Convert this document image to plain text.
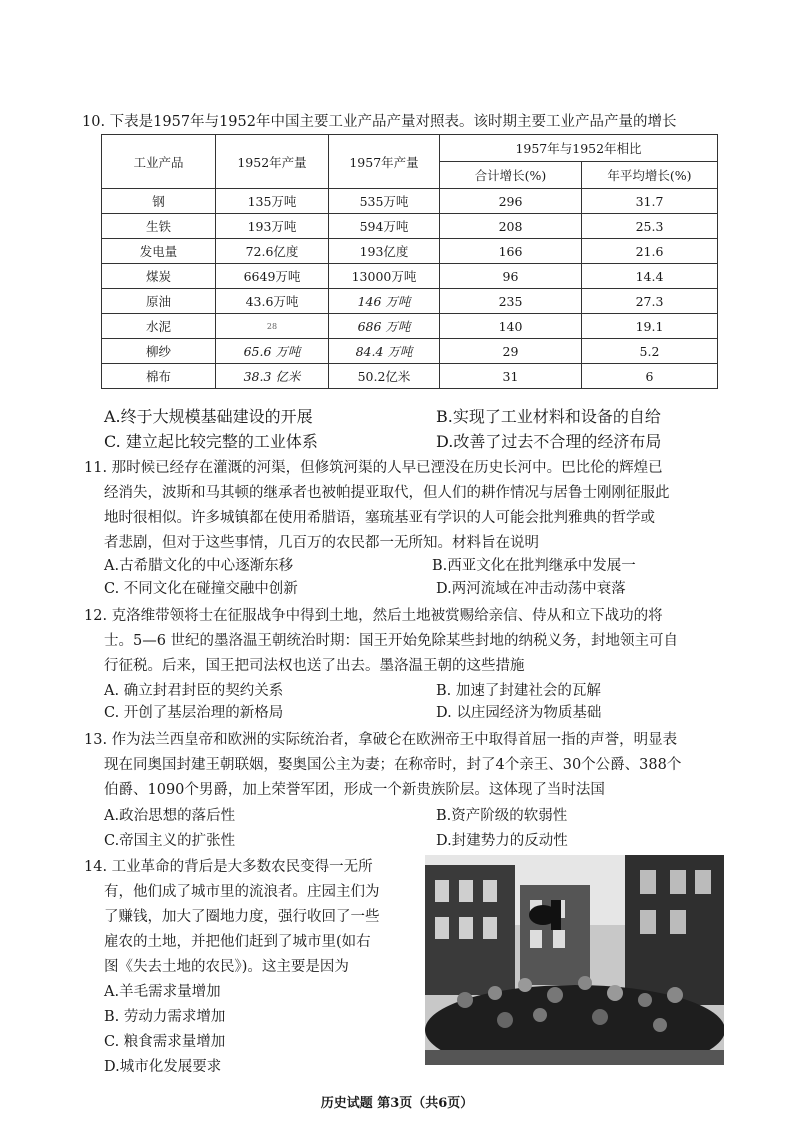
10. 下表是1957年与1952年中国主要工业产品产量对照表。该时期主要工业产品产量的增长
工业产品	1952年产量	1957年产量	1957年与1952年相比	
			合计增长(%)	年平均增长(%)
钢	135万吨	535万吨	296	31.7
生铁	193万吨	594万吨	208	25.3
发电量	72.6亿度	193亿度	166	21.6
煤炭	6649万吨	13000万吨	96	14.4
原油	43.6万吨	146 万吨	235	27.3
水泥	28	686 万吨	140	19.1
柳纱	65.6 万吨	84.4 万吨	29	5.2
棉布	38.3 亿米	50.2亿米	31	6
A.终于大规模基础建设的开展	B.实现了工业材料和设备的自给
C. 建立起比较完整的工业体系	D.改善了过去不合理的经济布局
11. 那时候已经存在灌溉的河渠，但修筑河渠的人早已湮没在历史长河中。巴比伦的辉煌已
经消失，波斯和马其顿的继承者也被帕提亚取代，但人们的耕作情况与居鲁士刚刚征服此
地时很相似。许多城镇都在使用希腊语，塞琉基亚有学识的人可能会批判雅典的哲学或
者悲剧，但对于这些事情，几百万的农民都一无所知。材料旨在说明
A.古希腊文化的中心逐渐东移	B.西亚文化在批判继承中发展一
C. 不同文化在碰撞交融中创新	D.两河流域在冲击动荡中衰落
12. 克洛维带领将士在征服战争中得到土地，然后土地被赏赐给亲信、侍从和立下战功的将
士。5—6 世纪的墨洛温王朝统治时期：国王开始免除某些封地的纳税义务，封地领主可自
行征税。后来，国王把司法权也送了出去。墨洛温王朝的这些措施
A. 确立封君封臣的契约关系	B. 加速了封建社会的瓦解
C. 开创了基层治理的新格局	D. 以庄园经济为物质基础
13. 作为法兰西皇帝和欧洲的实际统治者，拿破仑在欧洲帝王中取得首屈一指的声誉，明显表
现在同奥国封建王朝联姻，娶奥国公主为妻；在称帝时，封了4个亲王、30个公爵、388个
伯爵、1090个男爵，加上荣誉军团，形成一个新贵族阶层。这体现了当时法国
A.政治思想的落后性	B.资产阶级的软弱性
C.帝国主义的扩张性	D.封建势力的反动性
14. 工业革命的背后是大多数农民变得一无所
有，他们成了城市里的流浪者。庄园主们为
了赚钱，加大了圈地力度，强行收回了一些
雇农的土地，并把他们赶到了城市里(如右
图《失去土地的农民》)。这主要是因为
A.羊毛需求量增加
B. 劳动力需求增加
C. 粮食需求量增加
D.城市化发展要求
历史试题 第3页（共6页）
